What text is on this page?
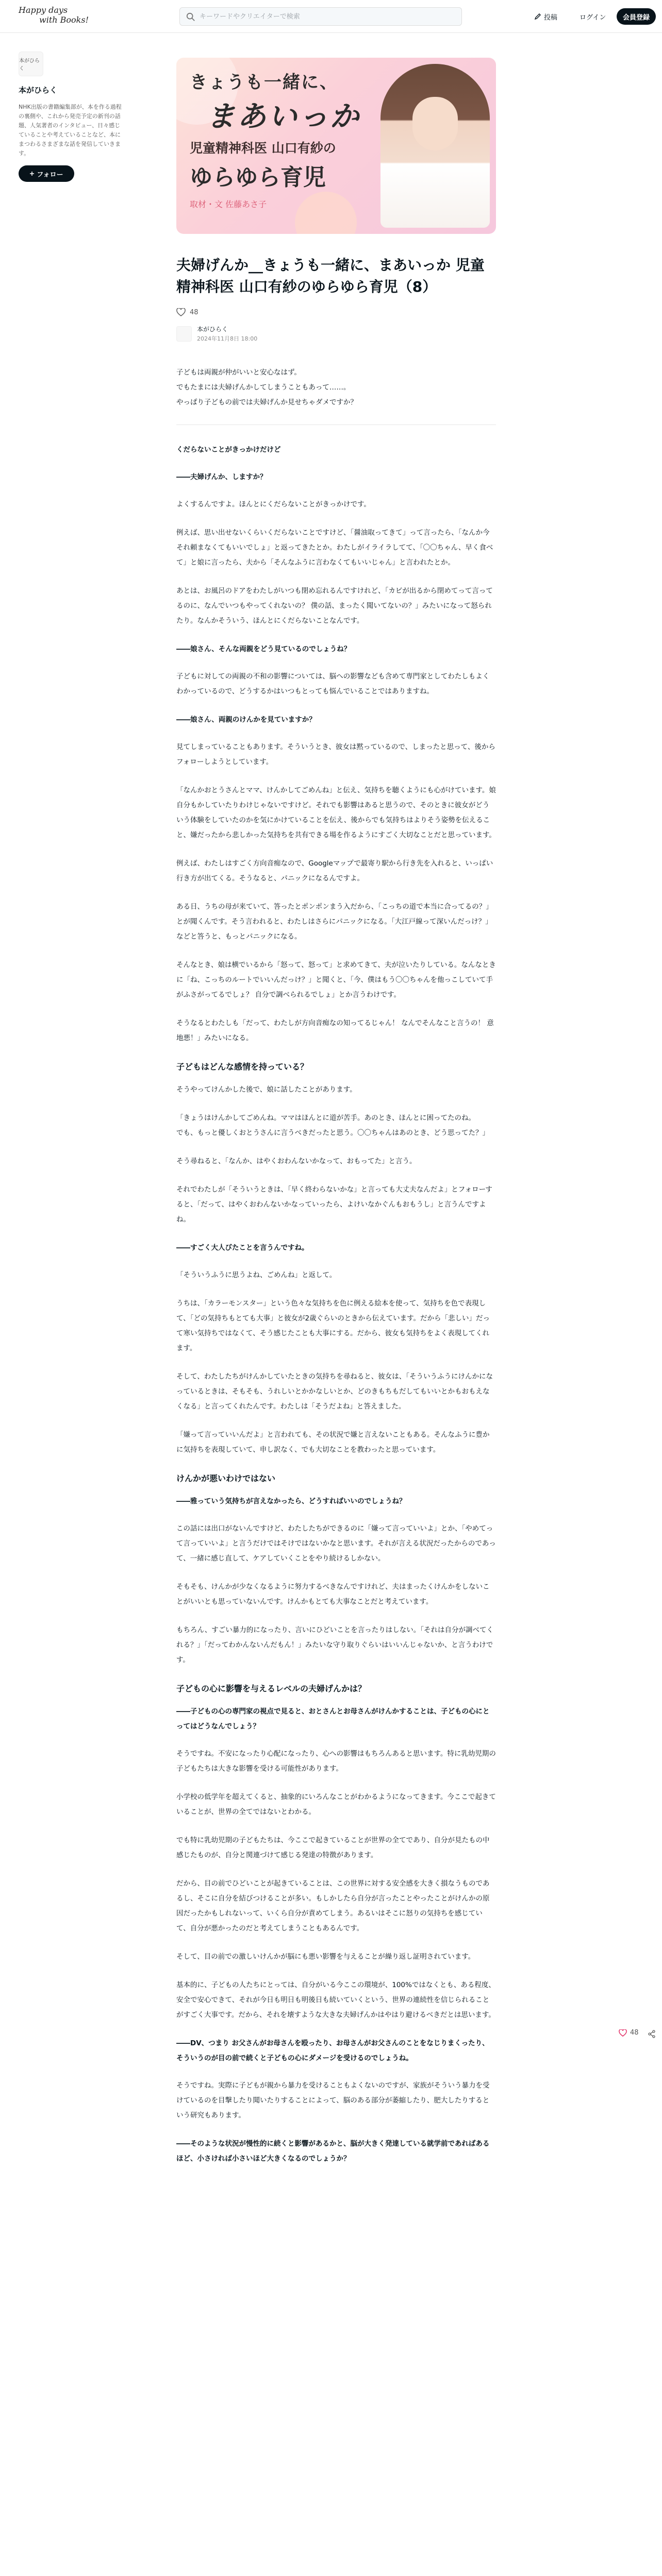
Happy days
with Books!
キーワードやクリエイターで検索	投稿	ログイン	会員登録
本がひらく
本がひらく
NHK出版の書籍編集部が、本を作る過程の裏側や、これから発売予定の新刊の話題、人気著者のインタビュー、日々感じていることや考えていることなど、本にまつわるさまざまな話を発信していきます。
フォロー
きょうも一緒に、
まあいっか
児童精神科医 山口有紗の
ゆらゆら育児
取材・文 佐藤あさ子
夫婦げんか__きょうも一緒に、まあいっか 児童精神科医 山口有紗のゆらゆら育児（8）
48
本がひらく
2024年11月8日 18:00

子どもは両親が仲がいいと安心なはず。
でもたまには夫婦げんかしてしまうこともあって……。
やっぱり子どもの前では夫婦げんか見せちゃダメですか？

くだらないことがきっかけだけど
――夫婦げんか、しますか？

よくするんですよ。ほんとにくだらないことがきっかけです。

例えば、思い出せないくらいくだらないことですけど、「醤油取ってきて」って言ったら、「なんか今それ頼まなくてもいいでしょ」と返ってきたとか。わたしがイライラしてて、「〇〇ちゃん、早く食べて」と娘に言ったら、夫から「そんなふうに言わなくてもいいじゃん」と言われたとか。

あとは、お風呂のドアをわたしがいつも閉め忘れるんですけれど、「カビが出るから閉めてって言ってるのに、なんでいつもやってくれないの？ 僕の話、まったく聞いてないの？」みたいになって怒られたり。なんかそういう、ほんとにくだらないことなんです。

――娘さん、そんな両親をどう見ているのでしょうね？

子どもに対しての両親の不和の影響については、脳への影響なども含めて専門家としてわたしもよくわかっているので、どうするかはいつもとっても悩んでいることではありますね。

――娘さん、両親のけんかを見ていますか？

見てしまっていることもあります。そういうとき、彼女は黙っているので、しまったと思って、後からフォローしようとしています。

「なんかおとうさんとママ、けんかしてごめんね」と伝え、気持ちを聴くようにも心がけています。娘自分もかしていたりわけじゃないですけど。それでも影響はあると思うので、そのときに彼女がどういう体験をしていたのかを気にかけていることを伝え、後からでも気持ちはよりそう姿勢を伝えること、嫌だったから悲しかった気持ちを共有できる場を作るようにすごく大切なことだと思っています。

例えば、わたしはすごく方向音痴なので、Googleマップで最寄り駅から行き先を入れると、いっぱい行き方が出てくる。そうなると、パニックになるんですよ。

ある日、うちの母が来ていて、答ったとポンポンまう入だから、「こっちの道で本当に合ってるの？」とが聞くんです。そう言われると、わたしはさらにパニックになる。「大江戸線って深いんだっけ？」などと答うと、もっとパニックになる。

そんなとき、娘は横でいるから「怒って、怒って」と求めてきて、夫が泣いたりしている。なんなときに「ね、こっちのルートでいいんだっけ？」と聞くと、「今、僕はもう〇〇ちゃんを他っこしていて手がふさがってるでしょ？ 自分で調べられるでしょ」とか言うわけです。

そうなるとわたしも「だって、わたしが方向音痴なの知ってるじゃん！ なんでそんなこと言うの！ 意地悪！」みたいになる。

子どもはどんな感情を持っている？

そうやってけんかした後で、娘に話したことがあります。

「きょうはけんかしてごめんね。ママはほんとに道が苦手。あのとき、ほんとに困ってたのね。
でも、もっと優しくおとうさんに言うべきだったと思う。〇〇ちゃんはあのとき、どう思ってた？」

そう尋ねると、「なんか、はやくおわんないかなって、おもってた」と言う。

それでわたしが「そういうときは、「早く終わらないかな」と言っても大丈夫なんだよ」とフォローすると、「だって、はやくおわんないかなっていったら、よけいなかぐんもおもうし」と言うんですよね。

――すごく大人びたことを言うんですね。

「そういうふうに思うよね、ごめんね」と返して。

うちは、「カラーモンスター」という色々な気持ちを色に例える絵本を使って、気持ちを色で表現して、「どの気持ちもとても大事」と彼女が2歳ぐらいのときから伝えています。だから「悲しい」だって寒い気持ちではなくて、そう感じたことも大事にする。だから、彼女も気持ちをよく表現してくれます。

そして、わたしたちがけんかしていたときの気持ちを尋ねると、彼女は、「そういうふうにけんかになっているときは、そもそも、うれしいとかかなしいとか、どのきもちもだしてもいいとかもおもえなくなる」と言ってくれたんです。わたしは「そうだよね」と答えました。

「嫌って言っていいんだよ」と言われても、その状況で嫌と言えないこともある。そんなふうに豊かに気持ちを表現していて、申し訳なく、でも大切なことを教わったと思っています。

けんかが悪いわけではない
――雅っていう気持ちが言えなかったら、どうすればいいのでしょうね？

この話には出口がないんですけど、わたしたちができるのに「嫌って言っていいよ」とか、「やめてって言っていいよ」と言うだけではそけではないかなと思います。それが言える状況だったからのであって、一緒に感じ直して、ケアしていくことをやり続けるしかない。

そもそも、けんかが少なくなるように努力するべきなんですけれど、夫はまったくけんかをしないことがいいとも思っていないんです。けんかもとても大事なことだと考えています。

もちろん、すごい暴力的になったり、言いにひどいことを言ったりはしない。「それは自分が調べてくれる？」「だってわかんないんだもん！」みたいな守り取りぐらいはいいんじゃないか、と言うわけです。

子どもの心に影響を与えるレベルの夫婦げんかは？
――子どもの心の専門家の視点で見ると、おとさんとお母さんがけんかすることは、子どもの心にとってはどうなんでしょう？

そうですね。不安になったり心配になったり、心への影響はもちろんあると思います。特に乳幼児期の子どもたちは大きな影響を受ける可能性があります。

小学校の低学年を超えてくると、抽象的にいろんなことがわかるようになってきます。今ここで起きていることが、世界の全てではないとわかる。

でも特に乳幼児期の子どもたちは、今ここで起きていることが世界の全てであり、自分が見たもの中感じたものが、自分と関連づけて感じる発達の特徴があります。

だから、目の前でひどいことが起きていることは、この世界に対する安全感を大きく損なうものであるし、そこに自分を結びつけることが多い。もしかしたら自分が言ったことやったことがけんかの原因だったかもしれないって、いくら自分が責めてしまう。あるいはそこに怒りの気持ちを感じていて、自分が悪かったのだと考えてしまうこともあるんです。

そして、目の前での激しいけんかが脳にも悪い影響を与えることが繰り返し証明されています。

基本的に、子どもの人たちにとっては、自分がいる今ここの環境が、100%ではなくとも、ある程度、安全で安心できて、それが今日も明日も明後日も続いていくという、世界の連続性を信じられることがすごく大事です。だから、それを壊すような大きな夫婦げんかはやはり避けるべきだとは思います。

――DV、つまり お父さんがお母さんを殴ったり、お母さんがお父さんのことをなじりまくったり、そういうのが目の前で続くと子どもの心にダメージを受けるのでしょうね。

そうですね。実際に子どもが親から暴力を受けることもよくないのですが、家族がそういう暴力を受けているのを目撃したり聞いたりすることによって、脳のある部分が萎縮したり、肥大したりするという研究もあります。

――そのような状況が慢性的に続くと影響があるかと、脳が大きく発達している就学前であればあるほど、小さければ小さいほど大きくなるのでしょうか？
48
